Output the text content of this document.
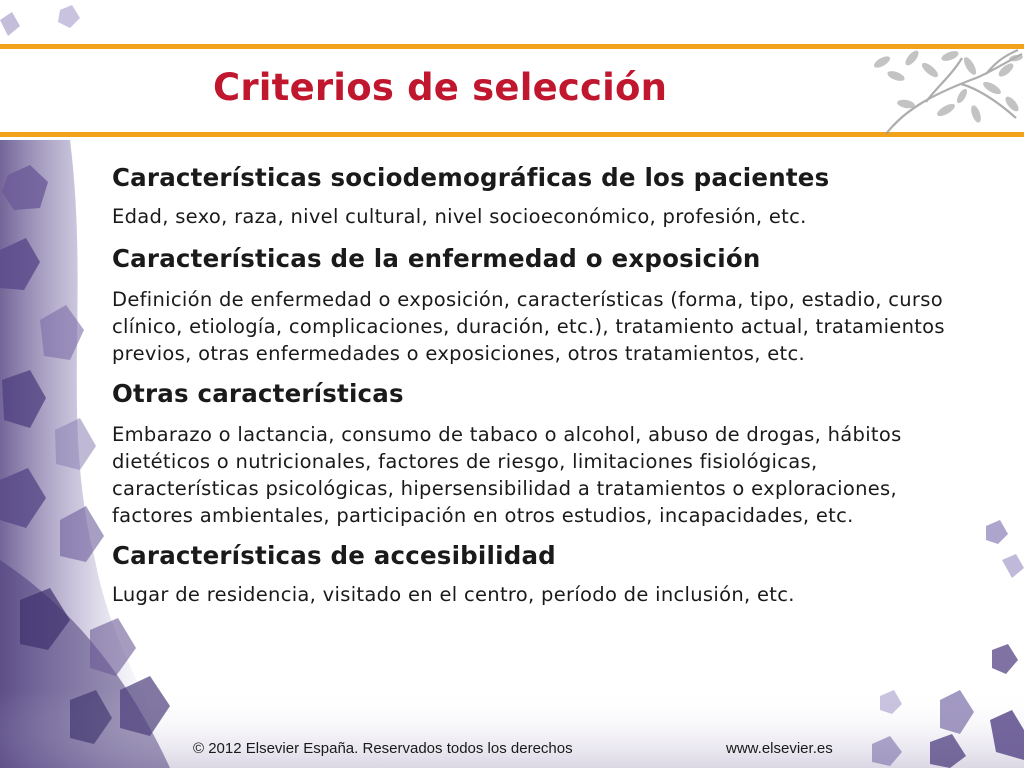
Criterios de selección
Características sociodemográficas de los pacientes

Edad, sexo, raza, nivel cultural, nivel socioeconómico, profesión, etc.

Características de la enfermedad o exposición

Definición de enfermedad o exposición, características (forma, tipo, estadio, curso clínico, etiología, complicaciones, duración, etc.), tratamiento actual, tratamientos previos, otras enfermedades o exposiciones, otros tratamientos, etc.

Otras características

Embarazo o lactancia, consumo de tabaco o alcohol, abuso de drogas, hábitos dietéticos o nutricionales, factores de riesgo, limitaciones fisiológicas, características psicológicas, hipersensibilidad a tratamientos o exploraciones, factores ambientales, participación en otros estudios, incapacidades, etc.

Características de accesibilidad

Lugar de residencia, visitado en el centro, período de inclusión, etc.

© 2012 Elsevier España. Reservados todos los derechos	www.elsevier.es
